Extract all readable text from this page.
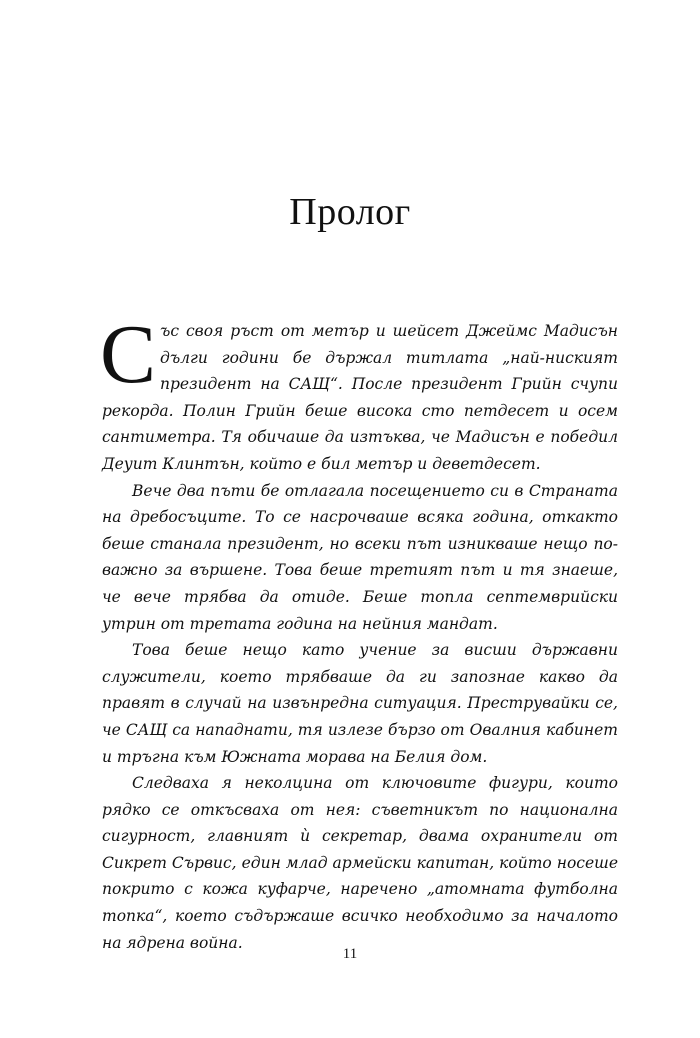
Пролог

Със своя ръст от метър и шейсет Джеймс Мадисън дълги години бе държал титлата „най-ниският президент на САЩ“. После президент Грийн счупи рекорда. Полин Грийн беше висока сто петдесет и осем сантиметра. Тя обичаше да изтъква, че Мадисън е победил Деуит Клинтън, който е бил метър и деветдесет.

Вече два пъти бе отлагала посещението си в Страната на дребосъците. То се насрочваше всяка година, откакто беше станала президент, но всеки път изникваше нещо по-важно за вършене. Това беше третият път и тя знаеше, че вече трябва да отиде. Беше топла септемврийски утрин от третата година на нейния мандат.

Това беше нещо като учение за висши държавни служители, което трябваше да ги запознае какво да правят в случай на извънредна ситуация. Преструвайки се, че САЩ са нападнати, тя излезе бързо от Овалния кабинет и тръгна към Южната морава на Белия дом.

Следваха я неколцина от ключовите фигури, които рядко се откъсваха от нея: съветникът по национална сигурност, главният ѝ секретар, двама охранители от Сикрет Сървис, един млад армейски капитан, който носеше покрито с кожа куфарче, наречено „атомната футболна топка“, което съдържаше всичко необходимо за началото на ядрена война.

11
